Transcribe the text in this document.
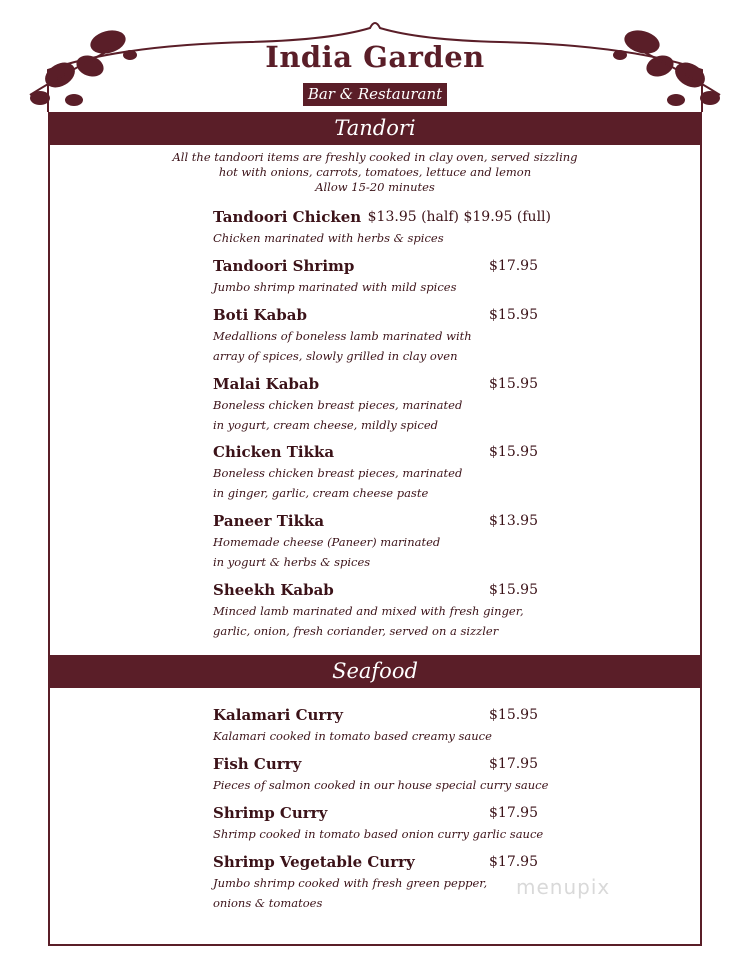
India Garden
Bar & Restaurant
Tandori
All the tandoori items are freshly cooked in clay oven, served sizzling
hot with onions, carrots, tomatoes, lettuce and lemon
Allow 15-20 minutes
Tandoori Chicken $13.95 (half) $19.95 (full)
Chicken marinated with herbs & spices
Tandoori Shrimp	$17.95
Jumbo shrimp marinated with mild spices
Boti Kabab	$15.95
Medallions of boneless lamb marinated with
array of spices, slowly grilled in clay oven
Malai Kabab	$15.95
Boneless chicken breast pieces, marinated
in yogurt, cream cheese, mildly spiced
Chicken Tikka	$15.95
Boneless chicken breast pieces, marinated
in ginger, garlic, cream cheese paste
Paneer Tikka	$13.95
Homemade cheese (Paneer) marinated
in yogurt & herbs & spices
Sheekh Kabab	$15.95
Minced lamb marinated and mixed with fresh ginger,
garlic, onion, fresh coriander, served on a sizzler
Seafood
Kalamari Curry	$15.95
Kalamari cooked in tomato based creamy sauce
Fish Curry	$17.95
Pieces of salmon cooked in our house special curry sauce
Shrimp Curry	$17.95
Shrimp cooked in tomato based onion curry garlic sauce
Shrimp Vegetable Curry	$17.95
Jumbo shrimp cooked with fresh green pepper,
onions & tomatoes
menupix
